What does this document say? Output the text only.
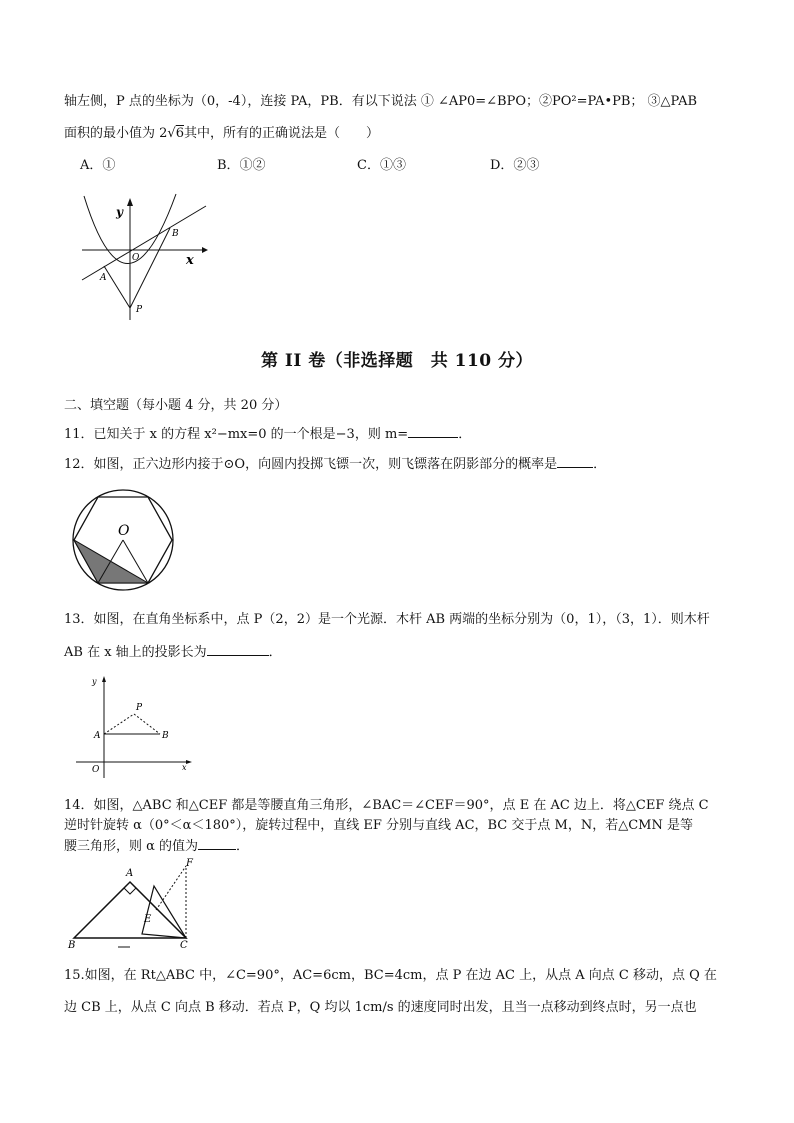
轴左侧，P 点的坐标为（0，-4），连接 PA，PB．有以下说法 ① ∠AP0=∠BPO；②PO²=PA•PB； ③△PAB
面积的最小值为 2√6其中，所有的正确说法是（　　）
A．①	B．①②	C．①③	D．②③
y
x
O
A
B
P
第 II 卷（非选择题　共 110 分）
二、填空题（每小题 4 分，共 20 分）
11．已知关于 x 的方程 x²−mx=0 的一个根是−3，则 m=	．
12．如图，正六边形内接于⊙O，向圆内投掷飞镖一次，则飞镖落在阴影部分的概率是	．
O
13．如图，在直角坐标系中，点 P（2，2）是一个光源．木杆 AB 两端的坐标分别为（0，1），（3，1）．则木杆
AB 在 x 轴上的投影长为	．
y
x
O
A	B
P
14．如图，△ABC 和△CEF 都是等腰直角三角形，∠BAC＝∠CEF＝90°，点 E 在 AC 边上．将△CEF 绕点 C
逆时针旋转 α（0°＜α＜180°），旋转过程中，直线 EF 分别与直线 AC，BC 交于点 M，N，若△CMN 是等
腰三角形，则 α 的值为	．
A
B	C
E
F
15.如图，在 Rt△ABC 中，∠C=90°，AC=6cm，BC=4cm，点 P 在边 AC 上，从点 A 向点 C 移动，点 Q 在
边 CB 上，从点 C 向点 B 移动．若点 P，Q 均以 1cm/s 的速度同时出发，且当一点移动到终点时，另一点也
